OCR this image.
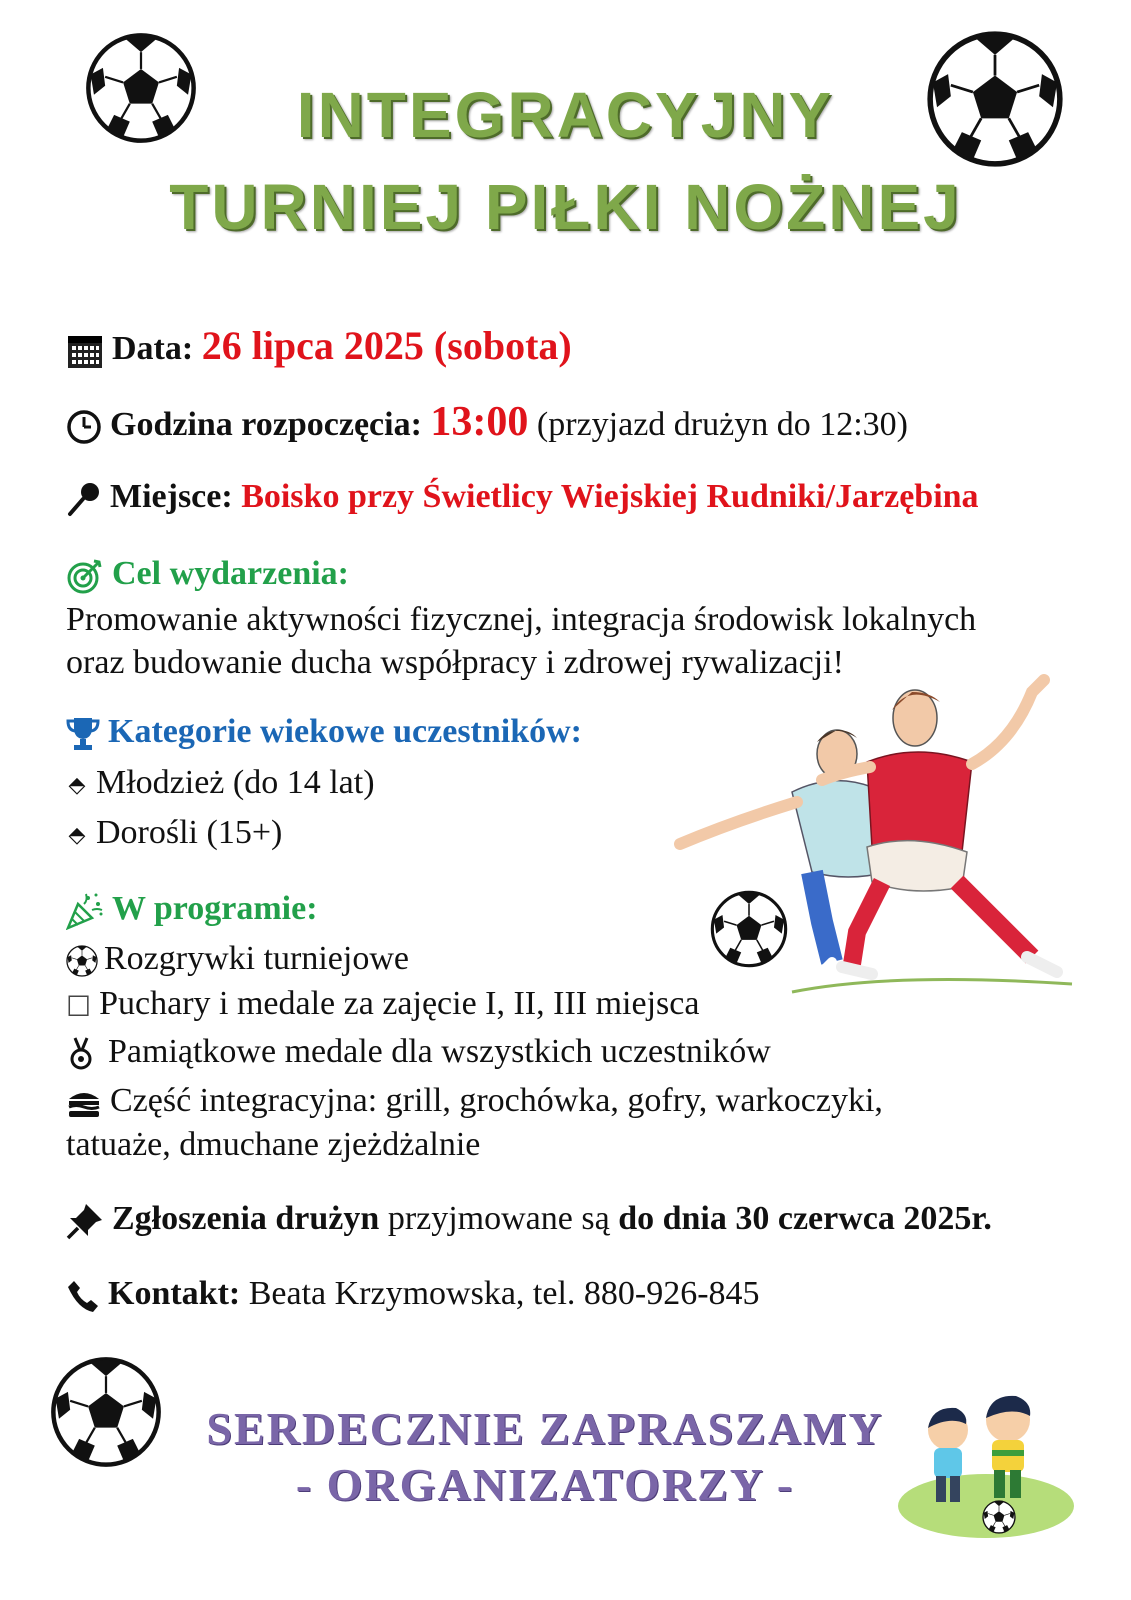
INTEGRACYJNY
TURNIEJ PIŁKI NOŻNEJ
Data: 26 lipca 2025 (sobota)
Godzina rozpoczęcia: 13:00 (przyjazd drużyn do 12:30)
Miejsce: Boisko przy Świetlicy Wiejskiej Rudniki/Jarzębina
Cel wydarzenia:
Promowanie aktywności fizycznej, integracja środowisk lokalnych
oraz budowanie ducha współpracy i zdrowej rywalizacji!
Kategorie wiekowe uczestników:
⬘ Młodzież (do 14 lat)
⬘ Dorośli (15+)
W programie:
Rozgrywki turniejowe
☐ Puchary i medale za zajęcie I, II, III miejsca
Pamiątkowe medale dla wszystkich uczestników
Część integracyjna: grill, grochówka, gofry, warkoczyki,
tatuaże, dmuchane zjeżdżalnie
Zgłoszenia drużyn przyjmowane są do dnia 30 czerwca 2025r.
Kontakt: Beata Krzymowska, tel. 880-926-845
SERDECZNIE ZAPRASZAMY
- ORGANIZATORZY -
